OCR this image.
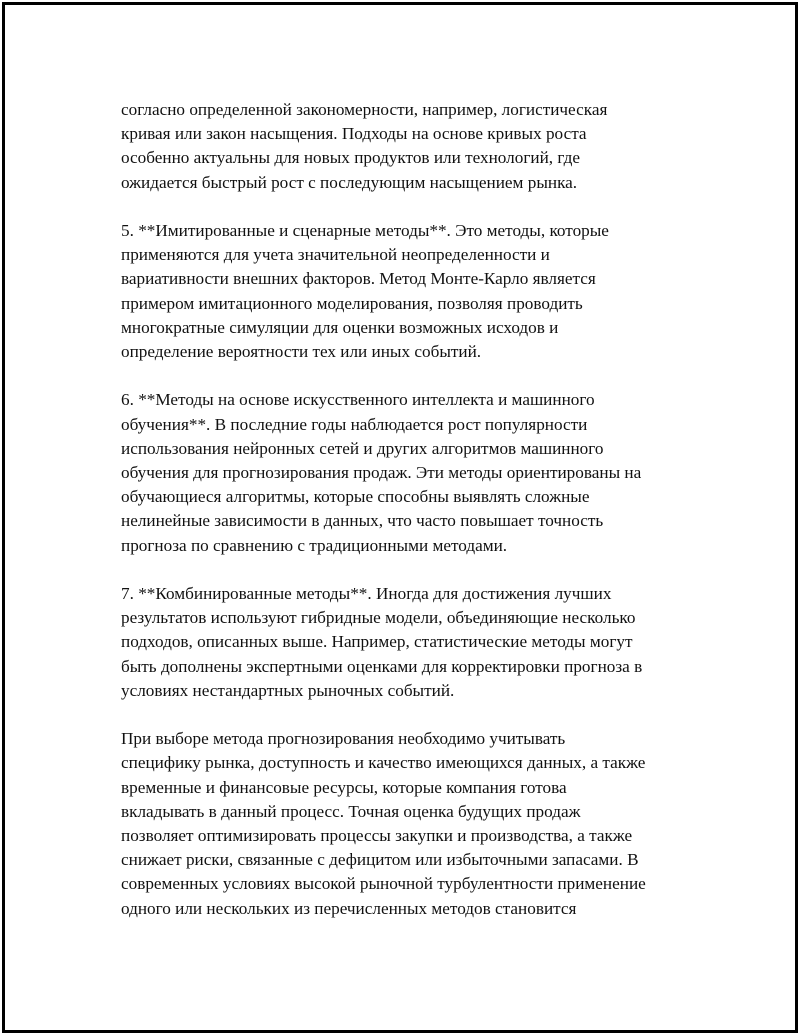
согласно определенной закономерности, например, логистическая
кривая или закон насыщения. Подходы на основе кривых роста
особенно актуальны для новых продуктов или технологий, где
ожидается быстрый рост с последующим насыщением рынка.

5. **Имитированные и сценарные методы**. Это методы, которые
применяются для учета значительной неопределенности и
вариативности внешних факторов. Метод Монте-Карло является
примером имитационного моделирования, позволяя проводить
многократные симуляции для оценки возможных исходов и
определение вероятности тех или иных событий.

6. **Методы на основе искусственного интеллекта и машинного
обучения**. В последние годы наблюдается рост популярности
использования нейронных сетей и других алгоритмов машинного
обучения для прогнозирования продаж. Эти методы ориентированы на
обучающиеся алгоритмы, которые способны выявлять сложные
нелинейные зависимости в данных, что часто повышает точность
прогноза по сравнению с традиционными методами.

7. **Комбинированные методы**. Иногда для достижения лучших
результатов используют гибридные модели, объединяющие несколько
подходов, описанных выше. Например, статистические методы могут
быть дополнены экспертными оценками для корректировки прогноза в
условиях нестандартных рыночных событий.

При выборе метода прогнозирования необходимо учитывать
специфику рынка, доступность и качество имеющихся данных, а также
временные и финансовые ресурсы, которые компания готова
вкладывать в данный процесс. Точная оценка будущих продаж
позволяет оптимизировать процессы закупки и производства, а также
снижает риски, связанные с дефицитом или избыточными запасами. В
современных условиях высокой рыночной турбулентности применение
одного или нескольких из перечисленных методов становится
